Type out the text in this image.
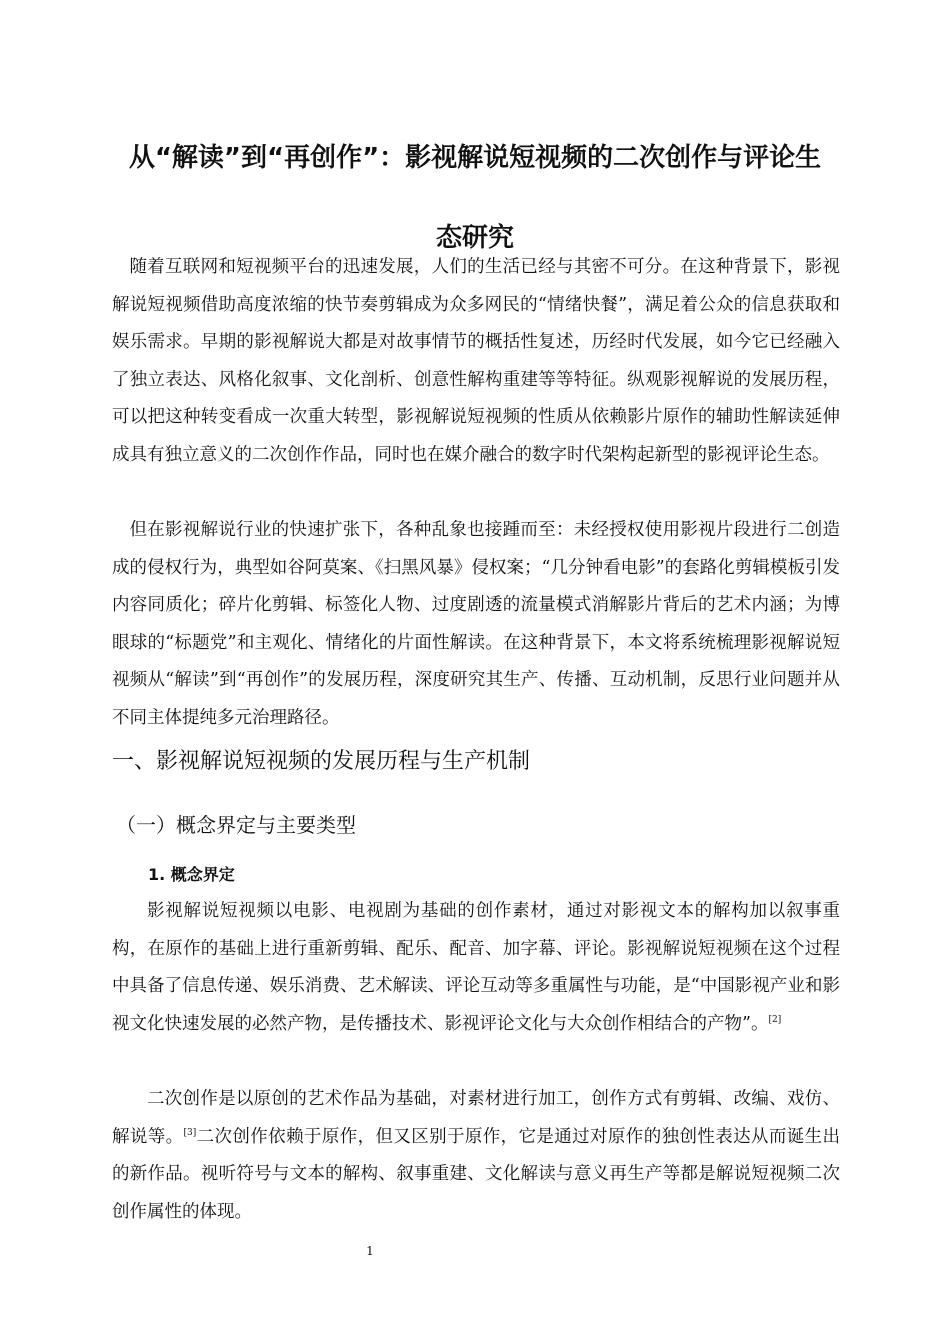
从“解读”到“再创作”：影视解说短视频的二次创作与评论生
态研究

随着互联网和短视频平台的迅速发展，人们的生活已经与其密不可分。在这种背景下，影视解说短视频借助高度浓缩的快节奏剪辑成为众多网民的“情绪快餐”，满足着公众的信息获取和娱乐需求。早期的影视解说大都是对故事情节的概括性复述，历经时代发展，如今它已经融入了独立表达、风格化叙事、文化剖析、创意性解构重建等等特征。纵观影视解说的发展历程，可以把这种转变看成一次重大转型，影视解说短视频的性质从依赖影片原作的辅助性解读延伸成具有独立意义的二次创作作品，同时也在媒介融合的数字时代架构起新型的影视评论生态。

但在影视解说行业的快速扩张下，各种乱象也接踵而至：未经授权使用影视片段进行二创造成的侵权行为，典型如谷阿莫案、《扫黑风暴》侵权案；“几分钟看电影”的套路化剪辑模板引发内容同质化；碎片化剪辑、标签化人物、过度剧透的流量模式消解影片背后的艺术内涵；为博眼球的“标题党”和主观化、情绪化的片面性解读。在这种背景下，本文将系统梳理影视解说短视频从“解读”到“再创作”的发展历程，深度研究其生产、传播、互动机制，反思行业问题并从不同主体提纯多元治理路径。

一、影视解说短视频的发展历程与生产机制
（一）概念界定与主要类型
1. 概念界定

影视解说短视频以电影、电视剧为基础的创作素材，通过对影视文本的解构加以叙事重构，在原作的基础上进行重新剪辑、配乐、配音、加字幕、评论。影视解说短视频在这个过程中具备了信息传递、娱乐消费、艺术解读、评论互动等多重属性与功能，是“中国影视产业和影视文化快速发展的必然产物，是传播技术、影视评论文化与大众创作相结合的产物”。[2]

二次创作是以原创的艺术作品为基础，对素材进行加工，创作方式有剪辑、改编、戏仿、解说等。[3]二次创作依赖于原作，但又区别于原作，它是通过对原作的独创性表达从而诞生出的新作品。视听符号与文本的解构、叙事重建、文化解读与意义再生产等都是解说短视频二次创作属性的体现。

1
